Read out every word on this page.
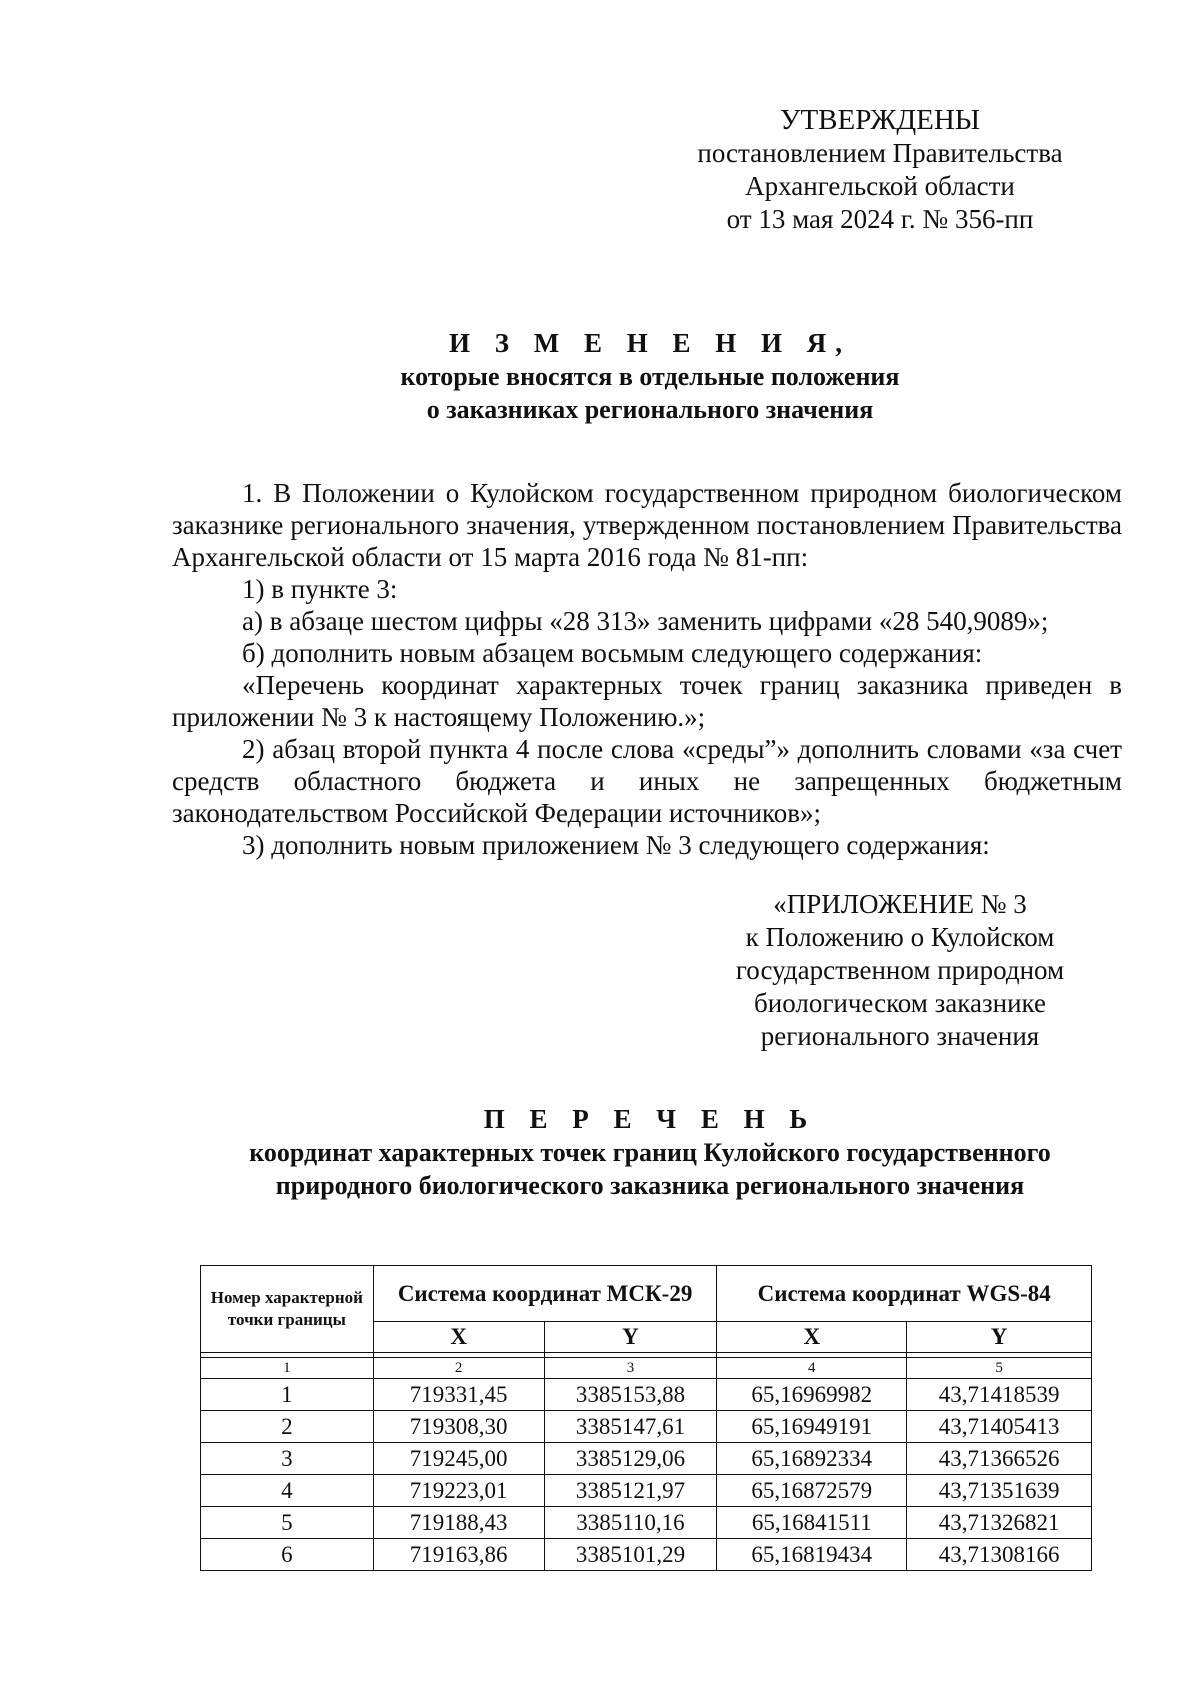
УТВЕРЖДЕНЫ
постановлением Правительства
Архангельской области
от 13 мая 2024 г. № 356-пп
И З М Е Н Е Н И Я,
которые вносятся в отдельные положения
о заказниках регионального значения

1. В Положении о Кулойском государственном природном биологическом заказнике регионального значения, утвержденном постановлением Правительства Архангельской области от 15 марта 2016 года № 81-пп:

1) в пункте 3:

а) в абзаце шестом цифры «28 313» заменить цифрами «28 540,9089»;

б) дополнить новым абзацем восьмым следующего содержания:

«Перечень координат характерных точек границ заказника приведен в приложении № 3 к настоящему Положению.»;

2) абзац второй пункта 4 после слова «среды”» дополнить словами «за счет средств областного бюджета и иных не запрещенных бюджетным законодательством Российской Федерации источников»;

3) дополнить новым приложением № 3 следующего содержания:

«ПРИЛОЖЕНИЕ № 3
к Положению о Кулойском
государственном природном
биологическом заказнике
регионального значения
П Е Р Е Ч Е Н Ь
координат характерных точек границ Кулойского государственного
природного биологического заказника регионального значения
Номер характерной точки границы	Система координат МСК-29		Система координат WGS-84	
	X	Y	X	Y

1	2	3	4	5
1	719331,45	3385153,88	65,16969982	43,71418539
2	719308,30	3385147,61	65,16949191	43,71405413
3	719245,00	3385129,06	65,16892334	43,71366526
4	719223,01	3385121,97	65,16872579	43,71351639
5	719188,43	3385110,16	65,16841511	43,71326821
6	719163,86	3385101,29	65,16819434	43,71308166
